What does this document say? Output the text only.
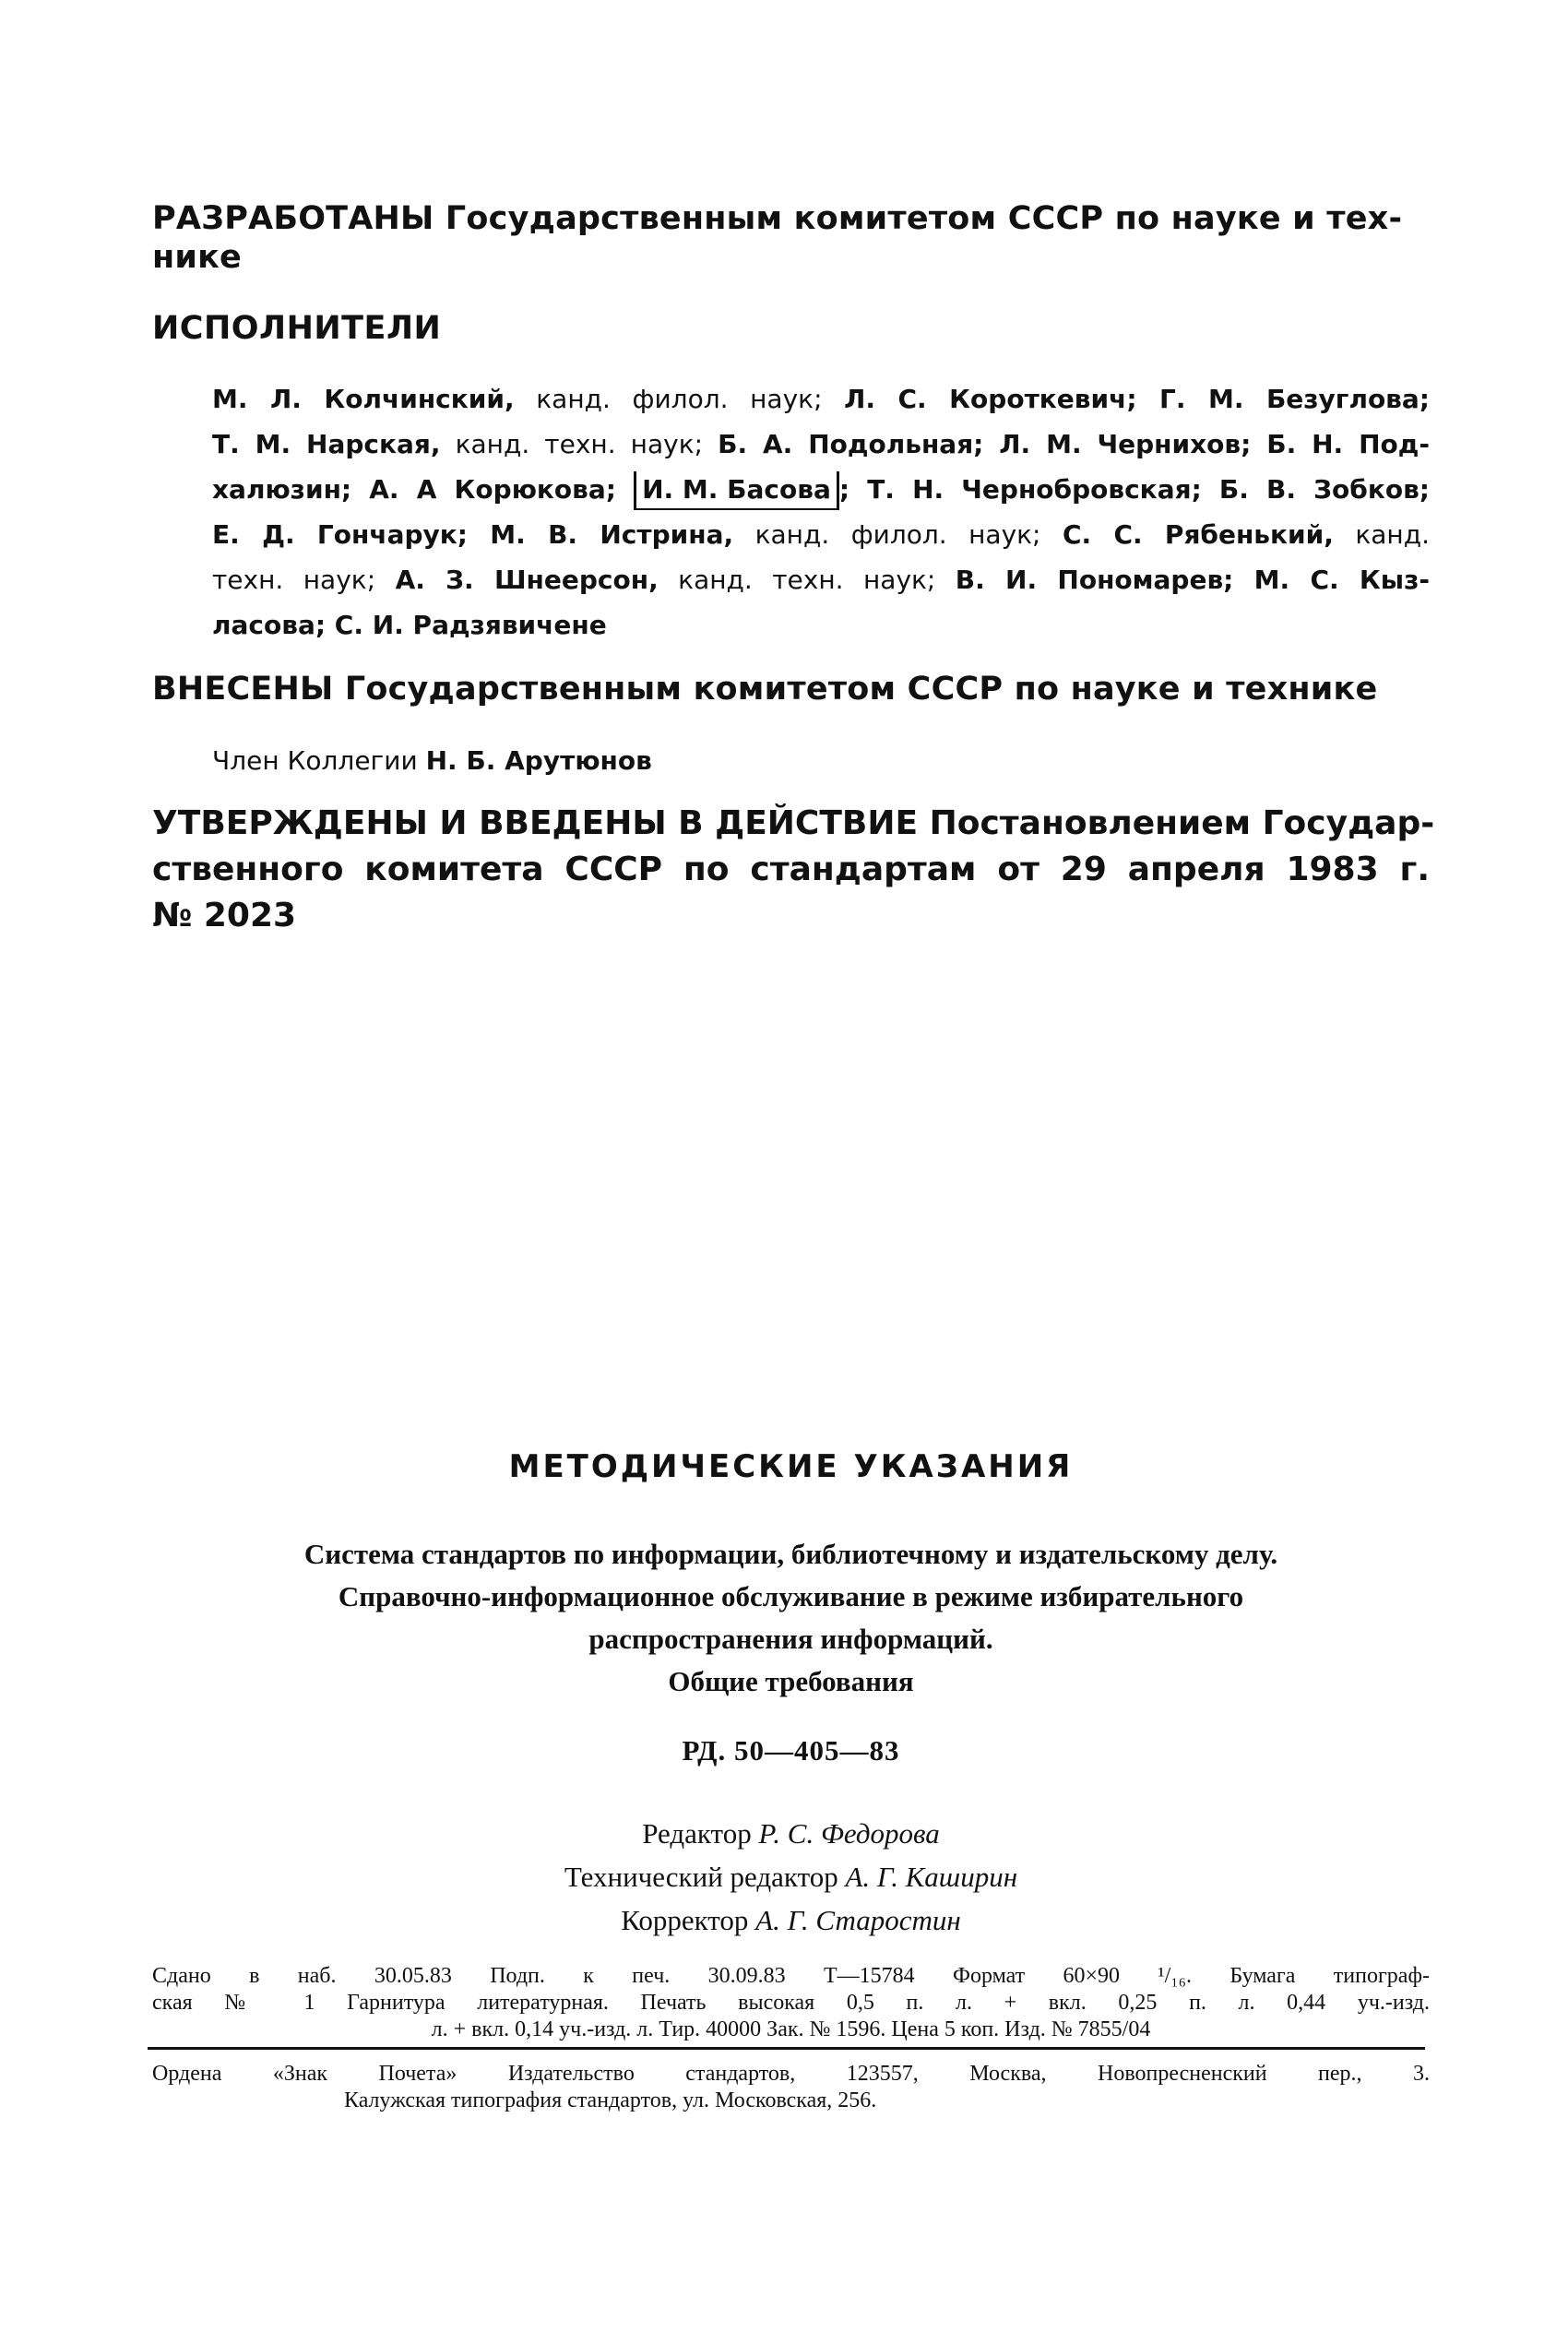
РАЗРАБОТАНЫ Государственным комитетом СССР по науке и тех-
нике
ИСПОЛНИТЕЛИ
М. Л. Колчинский, канд. филол. наук; Л. С. Короткевич; Г. М. Безуглова;
Т. М. Нарская, канд. техн. наук; Б. А. Подольная; Л. М. Чернихов; Б. Н. Под-
халюзин; А. А Корюкова; И. М. Басова ; Т. Н. Чернобровская; Б. В. Зобков;
Е. Д. Гончарук; М. В. Истрина, канд. филол. наук; С. С. Рябенький, канд.
техн. наук; А. З. Шнеерсон, канд. техн. наук; В. И. Пономарев; М. С. Кыз-
ласова; С. И. Радзявичене
ВНЕСЕНЫ Государственным комитетом СССР по науке и технике
Член Коллегии Н. Б. Арутюнов
УТВЕРЖДЕНЫ И ВВЕДЕНЫ В ДЕЙСТВИЕ Постановлением Государ-
ственного комитета СССР по стандартам от 29 апреля 1983 г.
№ 2023
МЕТОДИЧЕСКИЕ УКАЗАНИЯ
Система стандартов по информации, библиотечному и издательскому делу.
Справочно-информационное обслуживание в режиме избирательного
распространения информаций.
Общие требования
РД. 50—405—83
Редактор Р. С. Федорова
Технический редактор А. Г. Каширин
Корректор А. Г. Старостин
Сдано в наб. 30.05.83 Подп. к печ. 30.09.83 Т—15784 Формат 60×90 ¹/₁₆. Бумага типограф-
ская № 1 Гарнитура литературная. Печать высокая 0,5 п. л. + вкл. 0,25 п. л. 0,44 уч.-изд.
л. + вкл. 0,14 уч.-изд. л. Тир. 40000 Зак. № 1596. Цена 5 коп. Изд. № 7855/04
Ордена «Знак Почета» Издательство стандартов, 123557, Москва, Новопресненский пер., 3.
Калужская типография стандартов, ул. Московская, 256.
